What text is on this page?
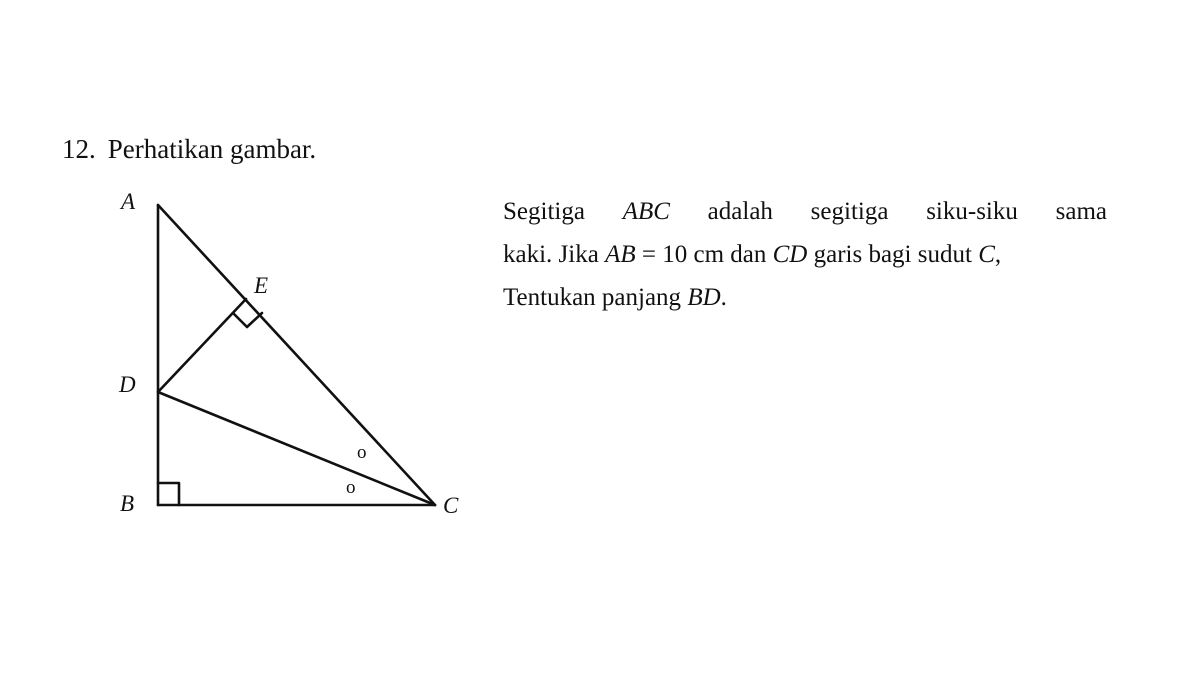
12. Perhatikan gambar.
A
E
D
B	C
o
o

Segitiga ABC adalah segitiga siku-siku sama

kaki. Jika AB = 10 cm dan CD garis bagi sudut C,

Tentukan panjang BD.
